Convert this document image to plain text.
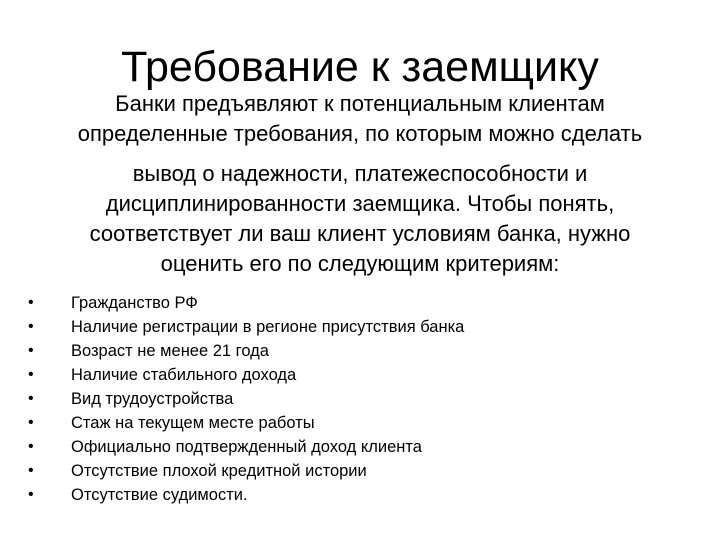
Требование к заемщику

Банки предъявляют к потенциальным клиентам
определенные требования, по которым можно сделать
вывод о надежности, платежеспособности и
дисциплинированности заемщика. Чтобы понять,
соответствует ли ваш клиент условиям банка, нужно
оценить его по следующим критериям:

•	Гражданство РФ
•	Наличие регистрации в регионе присутствия банка
•	Возраст не менее 21 года
•	Наличие стабильного дохода
•	Вид трудоустройства
•	Стаж на текущем месте работы
•	Официально подтвержденный доход клиента
•	Отсутствие плохой кредитной истории
•	Отсутствие судимости.
